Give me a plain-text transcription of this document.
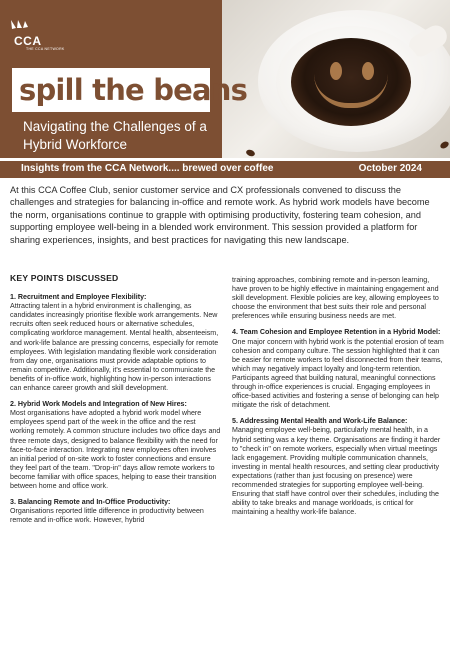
CCA
THE CCA NETWORK
spill the beans
Navigating the Challenges of a Hybrid Workforce
Insights from the CCA Network.... brewed over coffee	October 2024

At this CCA Coffee Club, senior customer service and CX professionals convened to discuss the challenges and strategies for balancing in-office and remote work. As hybrid work models have become the norm, organisations continue to grapple with optimising productivity, fostering team cohesion, and supporting employee well-being in a blended work environment. This session provided a platform for sharing experiences, insights, and best practices for navigating this new landscape.

KEY POINTS DISCUSSED
1. Recruitment and Employee Flexibility:
Attracting talent in a hybrid environment is challenging, as candidates increasingly prioritise flexible work arrangements. New recruits often seek reduced hours or alternative schedules, complicating workforce management. Mental health, absenteeism, and work-life balance are pressing concerns, especially for remote employees. With legislation mandating flexible work consideration from day one, organisations must provide adaptable options to remain competitive. Additionally, it's essential to communicate the benefits of in-office work, highlighting how in-person interactions can enhance career growth and skill development.
2. Hybrid Work Models and Integration of New Hires:
Most organisations have adopted a hybrid work model where employees spend part of the week in the office and the rest working remotely. A common structure includes two office days and three remote days, designed to balance flexibility with the need for face-to-face interaction. Integrating new employees often involves an initial period of on-site work to foster connections and ensure they feel part of the team. "Drop-in" days allow remote workers to become familiar with office spaces, helping to ease their transition between home and office work.
3. Balancing Remote and In-Office Productivity:
Organisations reported little difference in productivity between remote and in-office work. However, hybrid
training approaches, combining remote and in-person learning, have proven to be highly effective in maintaining engagement and skill development. Flexible policies are key, allowing employees to choose the environment that best suits their role and personal preferences while ensuring business needs are met.
4. Team Cohesion and Employee Retention in a Hybrid Model:
One major concern with hybrid work is the potential erosion of team cohesion and company culture. The session highlighted that it can be easier for remote workers to feel disconnected from their teams, which may negatively impact loyalty and long-term retention. Participants agreed that building natural, meaningful connections through in-office experiences is crucial. Engaging employees in office-based activities and fostering a sense of belonging can help mitigate the risk of detachment.
5. Addressing Mental Health and Work-Life Balance:
Managing employee well-being, particularly mental health, in a hybrid setting was a key theme. Organisations are finding it harder to "check in" on remote workers, especially when virtual meetings lack engagement. Providing multiple communication channels, investing in mental health resources, and setting clear productivity expectations (rather than just focusing on presence) were recommended strategies for supporting employee well-being. Ensuring that staff have control over their schedules, including the ability to take breaks and manage workloads, is critical for maintaining a healthy work-life balance.
